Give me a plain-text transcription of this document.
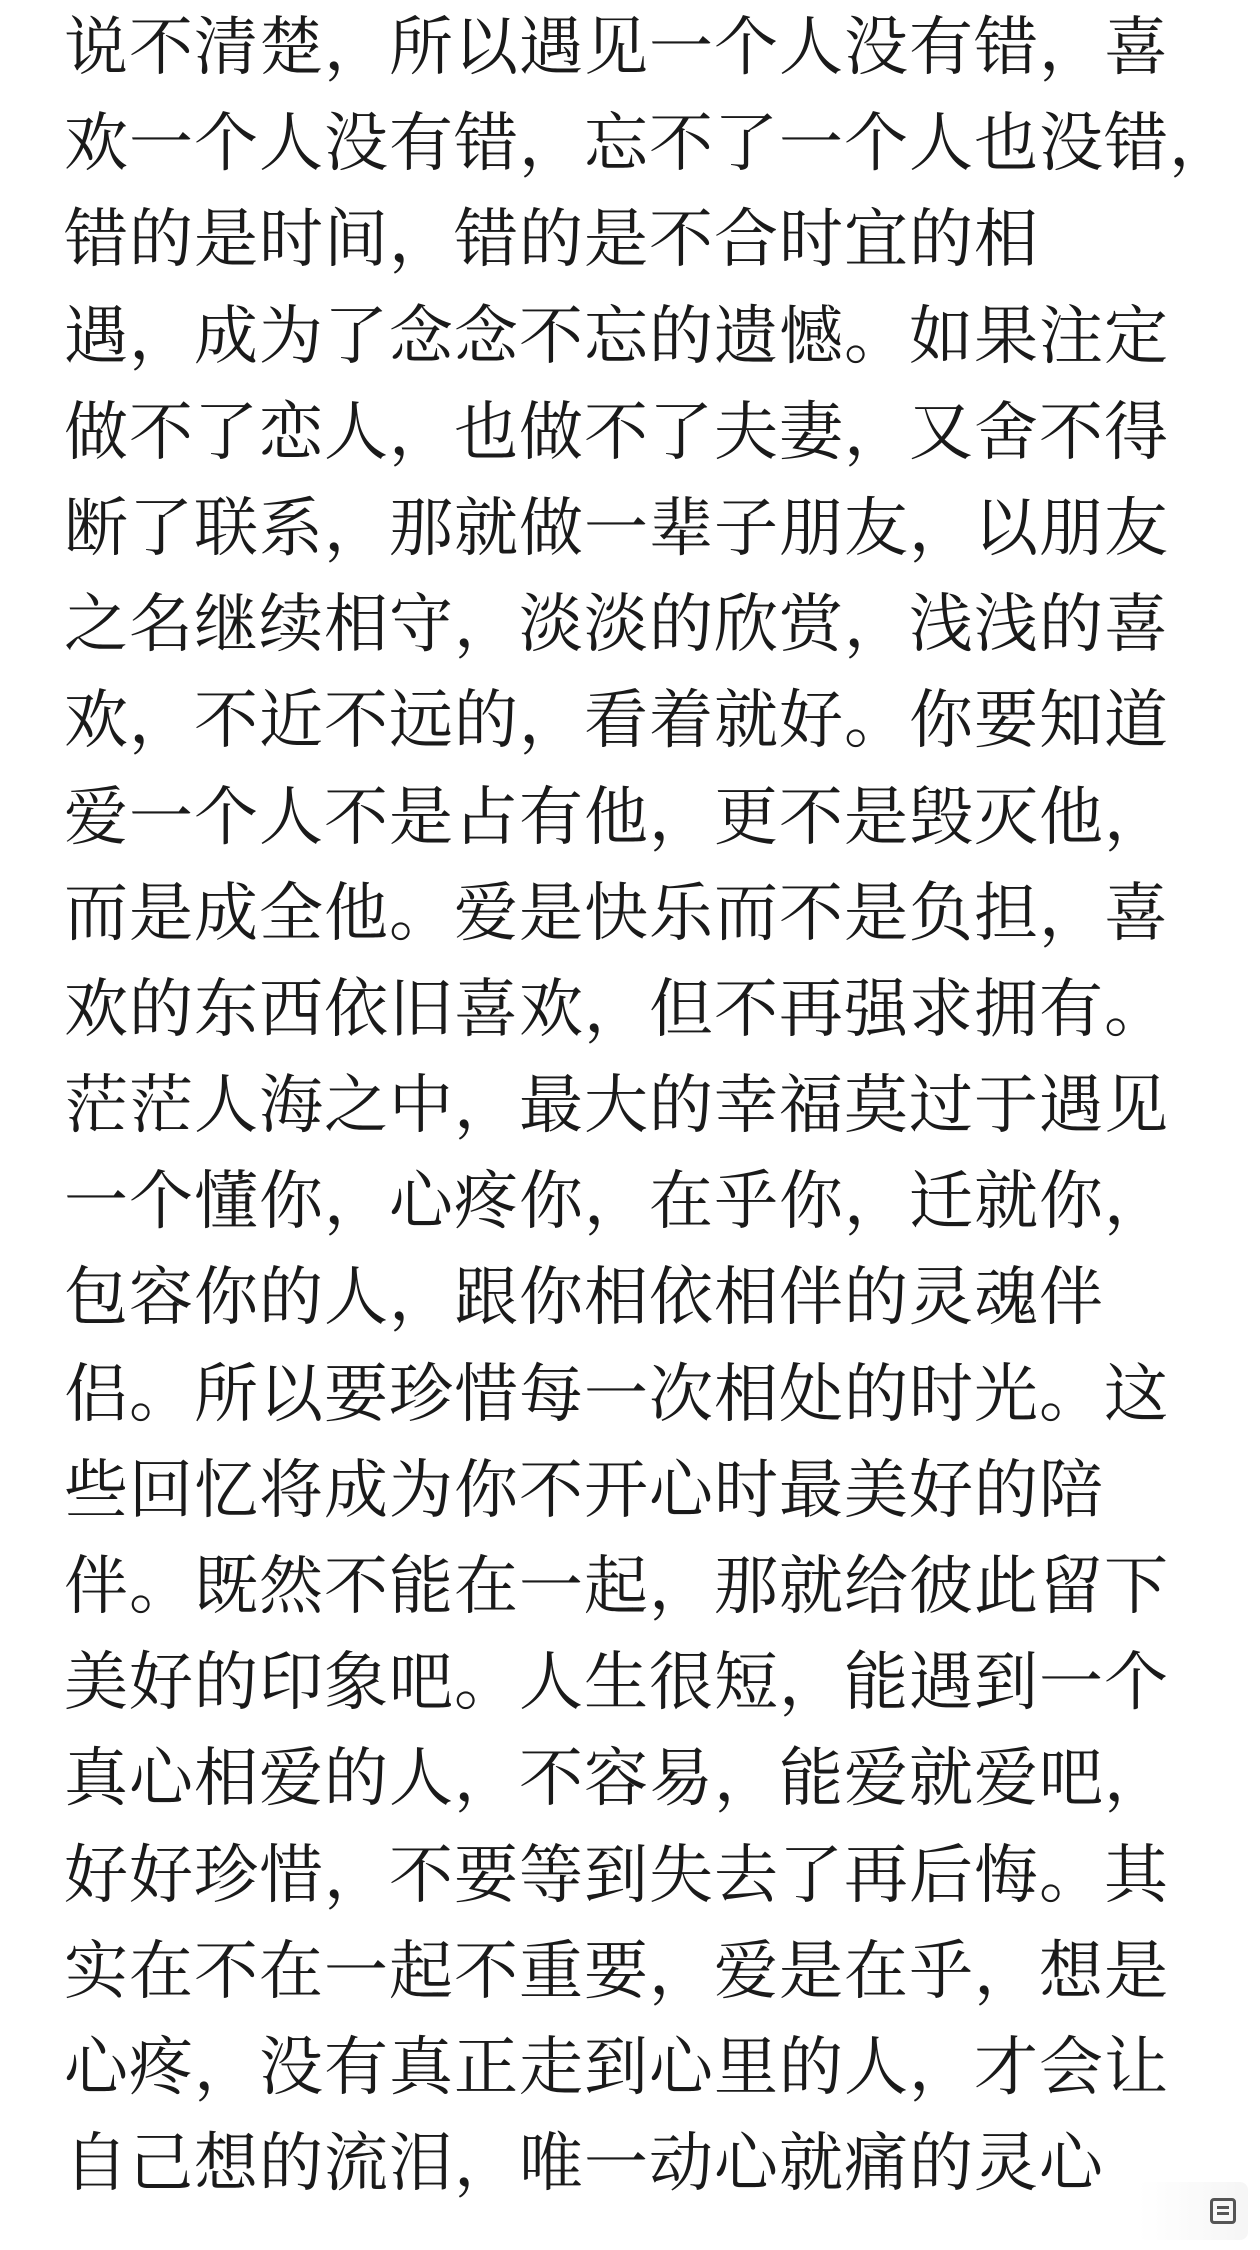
说不清楚，所以遇见一个人没有错，喜
欢一个人没有错，忘不了一个人也没错，
错的是时间，错的是不合时宜的相
遇，成为了念念不忘的遗憾。如果注定
做不了恋人，也做不了夫妻，又舍不得
断了联系，那就做一辈子朋友，以朋友
之名继续相守，淡淡的欣赏，浅浅的喜
欢，不近不远的，看着就好。你要知道
爱一个人不是占有他，更不是毁灭他，
而是成全他。爱是快乐而不是负担，喜
欢的东西依旧喜欢，但不再强求拥有。
茫茫人海之中，最大的幸福莫过于遇见
一个懂你，心疼你，在乎你，迁就你，
包容你的人，跟你相依相伴的灵魂伴
侣。所以要珍惜每一次相处的时光。这
些回忆将成为你不开心时最美好的陪
伴。既然不能在一起，那就给彼此留下
美好的印象吧。人生很短，能遇到一个
真心相爱的人，不容易，能爱就爱吧，
好好珍惜，不要等到失去了再后悔。其
实在不在一起不重要，爱是在乎，想是
心疼，没有真正走到心里的人，才会让
自己想的流泪，唯一动心就痛的灵心
